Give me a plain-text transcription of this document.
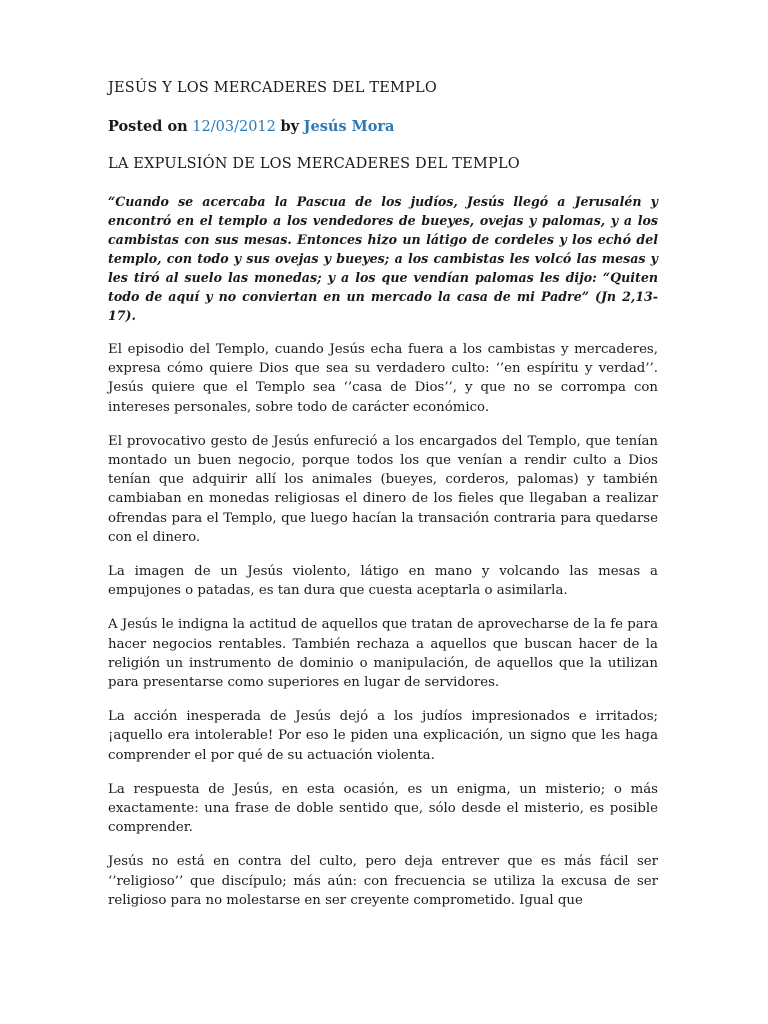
JESÚS Y LOS MERCADERES DEL TEMPLO
Posted on 12/03/2012 by Jesús Mora
LA EXPULSIÓN DE LOS MERCADERES DEL TEMPLO

“Cuando se acercaba la Pascua de los judíos, Jesús llegó a Jerusalén y encontró en el templo a los vendedores de bueyes, ovejas y palomas, y a los cambistas con sus mesas. Entonces hizo un látigo de cordeles y los echó del templo, con todo y sus ovejas y bueyes; a los cambistas les volcó las mesas y les tiró al suelo las monedas; y a los que vendían palomas les dijo: “Quiten todo de aquí y no conviertan en un mercado la casa de mi Padre” (Jn 2,13-17).

El episodio del Templo, cuando Jesús echa fuera a los cambistas y mercaderes, expresa cómo quiere Dios que sea su verdadero culto: ‘’en espíritu y verdad’’. Jesús quiere que el Templo sea ‘’casa de Dios’’, y que no se corrompa con intereses personales, sobre todo de carácter económico.

El provocativo gesto de Jesús enfureció a los encargados del Templo, que tenían montado un buen negocio, porque todos los que venían a rendir culto a Dios tenían que adquirir allí los animales (bueyes, corderos, palomas) y también cambiaban en monedas religiosas el dinero de los fieles que llegaban a realizar ofrendas para el Templo, que luego hacían la transación contraria para quedarse con el dinero.

La imagen de un Jesús violento, látigo en mano y volcando las mesas a empujones o patadas, es tan dura que cuesta aceptarla o asimilarla.

A Jesús le indigna la actitud de aquellos que tratan de aprovecharse de la fe para hacer negocios rentables. También rechaza a aquellos que buscan hacer de la religión un instrumento de dominio o manipulación, de aquellos que la utilizan para presentarse como superiores en lugar de servidores.

La acción inesperada de Jesús dejó a los judíos impresionados e irritados; ¡aquello era intolerable! Por eso le piden una explicación, un signo que les haga comprender el por qué de su actuación violenta.

La respuesta de Jesús, en esta ocasión, es un enigma, un misterio; o más exactamente: una frase de doble sentido que, sólo desde el misterio, es posible comprender.

Jesús no está en contra del culto, pero deja entrever que es más fácil ser ‘’religioso’’ que discípulo; más aún: con frecuencia se utiliza la excusa de ser religioso para no molestarse en ser creyente comprometido. Igual que
